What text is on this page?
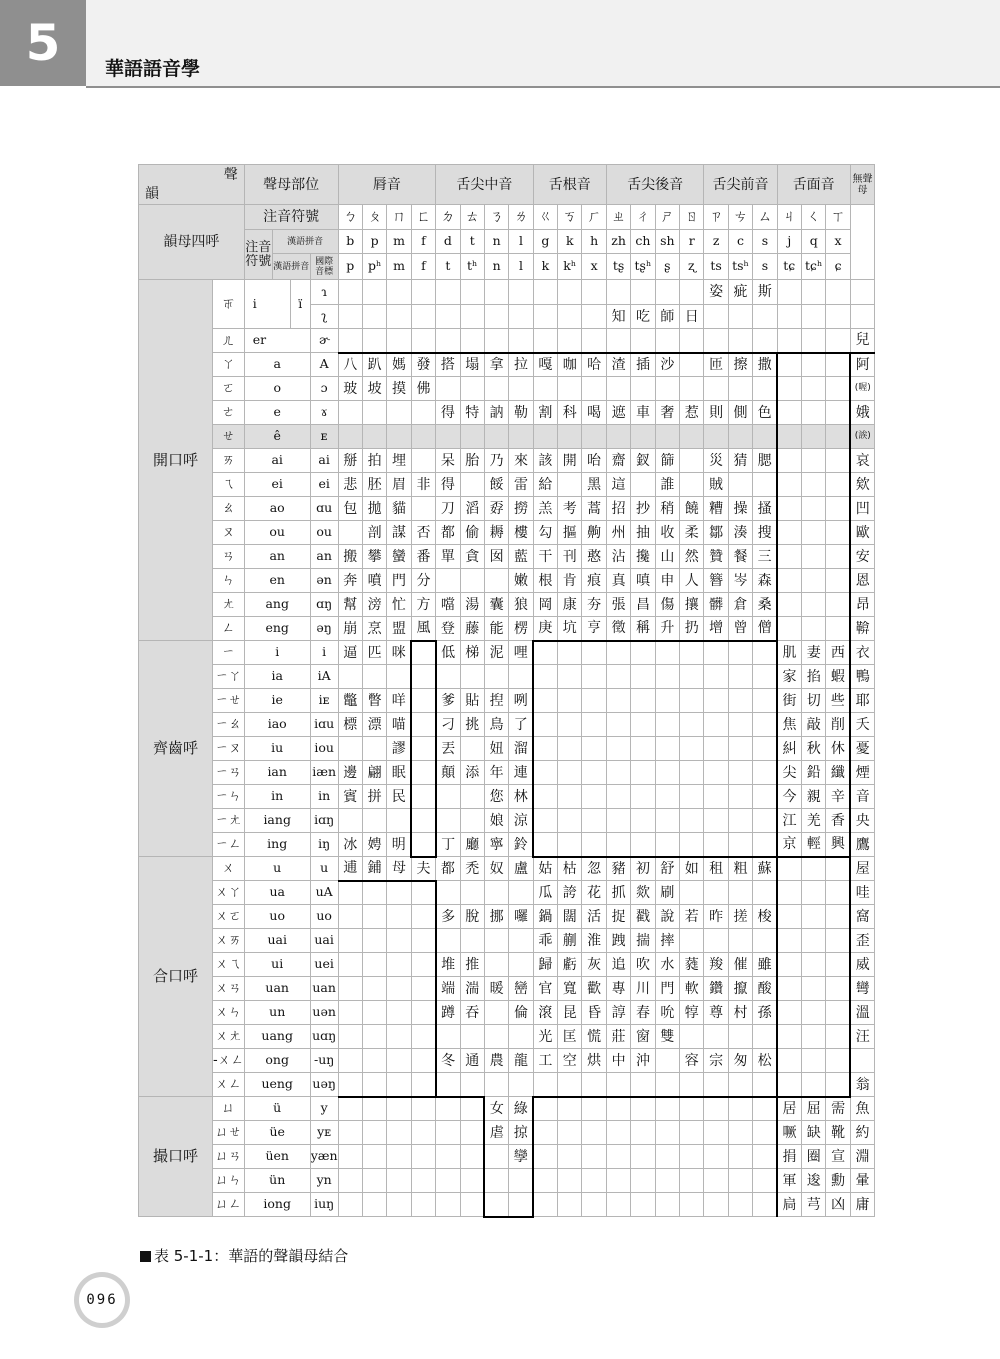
5	華語語音學
聲
韻		聲母部位				脣音				舌尖中音				舌根音			舌尖後音				舌尖前音			舌面音			無聲母
韻母四呼		注音符號				ㄅ	ㄆ	ㄇ	ㄈ	ㄉ	ㄊ	ㄋ	ㄌ	ㄍ	ㄎ	ㄏ	ㄓ	ㄔ	ㄕ	ㄖ	ㄗ	ㄘ	ㄙ	ㄐ	ㄑ	ㄒ	
		注音符號	漢語拼音			b	p	m	f	d	t	n	l	g	k	h	zh	ch	sh	r	z	c	s	j	q	x	
			漢語拼音		國際音標	p	pʰ	m	f	t	tʰ	n	l	k	kʰ	x	tʂ	tʂʰ	ʂ	ʐ	ts	tsʰ	s	tɕ	tɕʰ	ɕ	
開口呼	ㄭ	i		ï	ɿ																姿	疵	斯				
					ʅ												知	吃	師	日							
	ㄦ	er			ɚ																						兒
	ㄚ	a			A	八	趴	媽	發	搭	塌	拿	拉	嘎	咖	哈	渣	插	沙		匝	擦	撒				阿
	ㄛ	o			ɔ	玻	坡	摸	佛																		(喔)
	ㄜ	e			ɤ					得	特	訥	勒	割	科	喝	遮	車	奢	惹	則	側	色				娥
	ㄝ	ê			ᴇ																						(誒)
	ㄞ	ai			ai	掰	拍	埋		呆	胎	乃	來	該	開	咍	齋	釵	篩		災	猜	腮				哀
	ㄟ	ei			ei	悲	胚	眉	非	得		餒	雷	給		黑	這		誰		賊						欸
	ㄠ	ao			ɑu	包	拋	貓		刀	滔	孬	撈	羔	考	蒿	招	抄	稍	饒	糟	操	搔				凹
	ㄡ	ou			ou		剖	謀	否	都	偷	耨	樓	勾	摳	齁	州	抽	收	柔	鄒	湊	搜				歐
	ㄢ	an			an	搬	攀	蠻	番	單	貪	囡	藍	干	刊	憨	沾	攙	山	然	贊	餐	三				安
	ㄣ	en			ən	奔	噴	門	分				嫩	根	肯	痕	真	嗔	申	人	簪	岑	森				恩
	ㄤ	ang			ɑŋ	幫	滂	忙	方	噹	湯	囊	狼	岡	康	夯	張	昌	傷	攘	髒	倉	桑				昂
	ㄥ	eng			əŋ	崩	烹	盟	風	登	藤	能	楞	庚	坑	亨	徵	稱	升	扔	增	曾	僧				鞥
齊齒呼	ㄧ	i			i	逼	匹	咪		低	梯	泥	哩											肌	妻	西	衣
	ㄧㄚ	ia			iA																			家	掐	蝦	鴨
	ㄧㄝ	ie			iᴇ	鼈	瞥	咩		爹	貼	揑	咧											街	切	些	耶
	ㄧㄠ	iao			iɑu	標	漂	喵		刁	挑	鳥	了											焦	敲	削	夭
	ㄧㄡ	iu			iou			謬		丟		妞	溜											糾	秋	休	憂
	ㄧㄢ	ian			iæn	邊	翩	眠		顛	添	年	連											尖	鉛	纖	煙
	ㄧㄣ	in			in	賓	拼	民				您	林											今	親	辛	音
	ㄧㄤ	iang			iɑŋ							娘	涼											江	羌	香	央
	ㄧㄥ	ing			iŋ	冰	娉	明		丁	廳	寧	鈴											京	輕	興	鷹
合口呼	ㄨ	u			u	逋	鋪	母	夫	都	禿	奴	盧	姑	枯	忽	豬	初	舒	如	租	粗	蘇				屋
	ㄨㄚ	ua			uA									瓜	誇	花	抓	欻	刷								哇
	ㄨㄛ	uo			uo					多	脫	挪	囉	鍋	闊	活	捉	戳	說	若	昨	搓	梭				窩
	ㄨㄞ	uai			uai									乖	蒯	淮	跩	揣	摔								歪
	ㄨㄟ	ui			uei					堆	推			歸	虧	灰	追	吹	水	蕤	羧	催	雖				威
	ㄨㄢ	uan			uan					端	湍	暖	巒	官	寬	歡	專	川	門	軟	鑽	攛	酸				彎
	ㄨㄣ	un			uən					蹲	吞		倫	滾	昆	昏	諄	春	吮	犉	尊	村	孫				溫
	ㄨㄤ	uang			uɑŋ									光	匡	慌	莊	窗	雙								汪
	-ㄨㄥ	ong			-uŋ					冬	通	農	龍	工	空	烘	中	沖		容	宗	匆	松				
	ㄨㄥ	ueng			uəŋ																						翁
撮口呼	ㄩ	ü			y							女	綠											居	屈	需	魚
	ㄩㄝ	üe			yᴇ							虐	掠											噘	缺	靴	約
	ㄩㄢ	üen			yæn								孿											捐	圈	宣	淵
	ㄩㄣ	ün			yn																			軍	逡	勳	暈
	ㄩㄥ	iong			iuŋ																			扃	芎	凶	庸
表 5-1-1：華語的聲韻母結合
096
